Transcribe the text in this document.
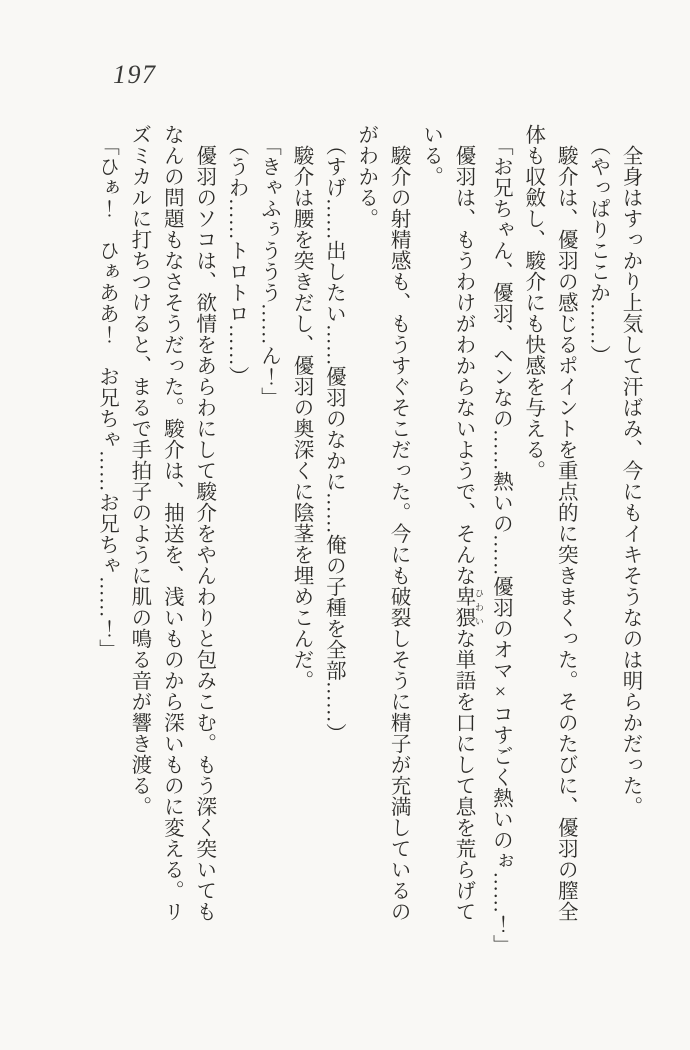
197

全身はすっかり上気して汗ばみ、今にもイキそうなのは明らかだった。

（やっぱりここか……）

駿介は、優羽の感じるポイントを重点的に突きまくった。そのたびに、優羽の膣全

体も収斂し、駿介にも快感を与える。

「お兄ちゃん、優羽、ヘンなの……熱いの……優羽のオマ×コすごく熱いのぉ……！」

優羽は、もうわけがわからないようで、そんな卑猥 ひわいな単語を口にして息を荒らげて

いる。

駿介の射精感も、もうすぐそこだった。今にも破裂しそうに精子が充満しているの

がわかる。

（すげ……出したい……優羽のなかに……俺の子種を全部……）

駿介は腰を突きだし、優羽の奥深くに陰茎を埋めこんだ。

「きゃふぅううう……ん！」

（うわ……トロトロ……）

優羽のソコは、欲情をあらわにして駿介をやんわりと包みこむ。もう深く突いても

なんの問題もなさそうだった。駿介は、抽送を、浅いものから深いものに変える。リ

ズミカルに打ちつけると、まるで手拍子のように肌の鳴る音が響き渡る。

「ひぁ！　ひぁああ！　お兄ちゃ……お兄ちゃ……！」
